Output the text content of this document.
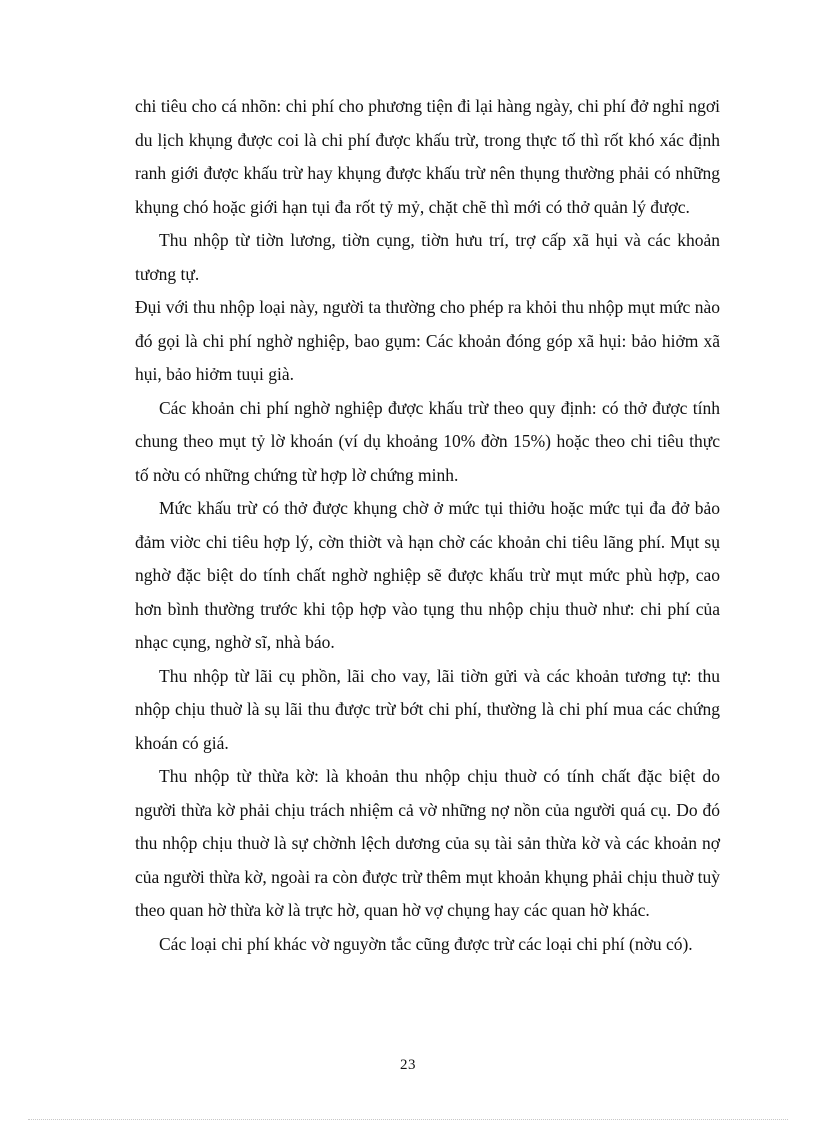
chi tiêu cho cá nhõn: chi phí cho phương tiện đi lại hàng ngày, chi phí đở nghỉ ngơi du lịch khụng được coi là chi phí được khấu trừ, trong thực tố thì rốt khó xác định ranh giới được khấu trừ hay khụng được khấu trừ nên thụng thường phải có những khụng chó hoặc giới hạn tụi đa rốt tỷ mỷ, chặt chẽ thì mới có thở quản lý được.

Thu nhộp từ tiờn lương, tiờn cụng, tiờn hưu trí, trợ cấp xã hụi và các khoản tương tự.

Đụi với thu nhộp loại này, người ta thường cho phép ra khỏi thu nhộp mụt mức nào đó gọi là chi phí nghờ nghiệp, bao gụm: Các khoản đóng góp xã hụi: bảo hiởm xã hụi, bảo hiởm tuụi già.

Các khoản chi phí nghờ nghiệp được khấu trừ theo quy định: có thở được tính chung theo mụt tỷ lờ khoán (ví dụ khoảng 10% đờn 15%) hoặc theo chi tiêu thực tố nờu có những chứng từ hợp lờ chứng minh.

Mức khấu trừ có thở được khụng chờ ở mức tụi thiởu hoặc mức tụi đa đở bảo đảm viờc chi tiêu hợp lý, cờn thiờt và hạn chờ các khoản chi tiêu lãng phí. Mụt sụ nghờ đặc biệt do tính chất nghờ nghiệp sẽ được khấu trừ mụt mức phù hợp, cao hơn bình thường trước khi tộp hợp vào tụng thu nhộp chịu thuờ như: chi phí của nhạc cụng, nghờ sĩ, nhà báo.

Thu nhộp từ lãi cụ phồn, lãi cho vay, lãi tiờn gửi và các khoản tương tự: thu nhộp chịu thuờ là sụ lãi thu được trừ bớt chi phí, thường là chi phí mua các chứng khoán có giá.

Thu nhộp từ thừa kờ: là khoản thu nhộp chịu thuờ có tính chất đặc biệt do người thừa kờ phải chịu trách nhiệm cả vờ những nợ nồn của người quá cụ. Do đó thu nhộp chịu thuờ là sự chờnh lệch dương của sụ tài sản thừa kờ và các khoản nợ của người thừa kờ, ngoài ra còn được trừ thêm mụt khoản khụng phải chịu thuờ tuỳ theo quan hờ thừa kờ là trực hờ, quan hờ vợ chụng hay các quan hờ khác.

Các loại chi phí khác vờ nguyờn tắc cũng được trừ các loại chi phí (nờu có).

23
